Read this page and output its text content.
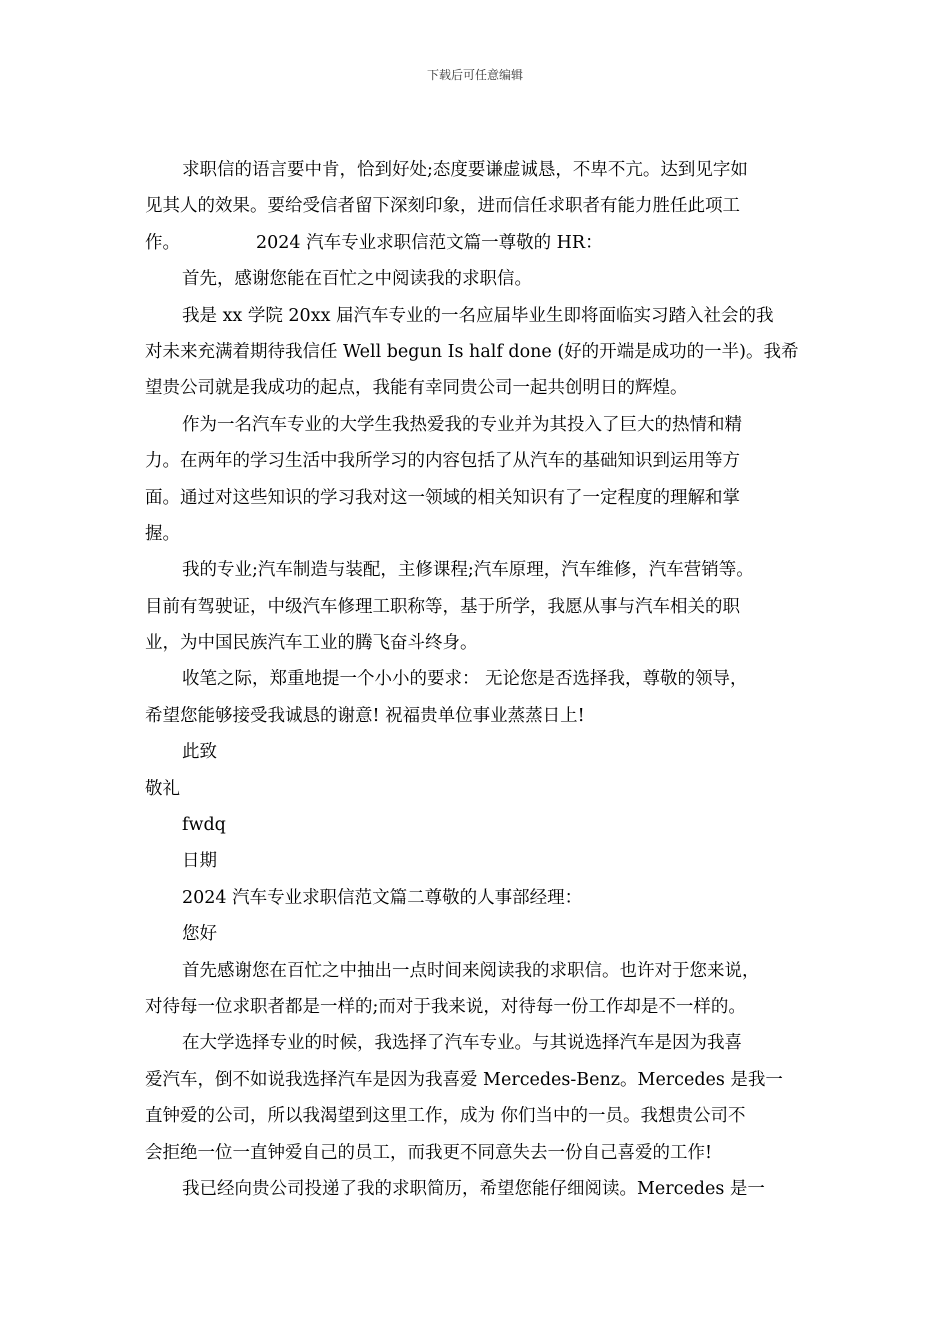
下载后可任意编辑
求职信的语言要中肯，恰到好处;态度要谦虚诚恳，不卑不亢。达到见字如
见其人的效果。要给受信者留下深刻印象，进而信任求职者有能力胜任此项工
作。	2024 汽车专业求职信范文篇一尊敬的 HR：
首先，感谢您能在百忙之中阅读我的求职信。
我是 xx 学院 20xx 届汽车专业的一名应届毕业生即将面临实习踏入社会的我
对未来充满着期待我信任 Well begun Is half done (好的开端是成功的一半)。我希
望贵公司就是我成功的起点，我能有幸同贵公司一起共创明日的辉煌。
作为一名汽车专业的大学生我热爱我的专业并为其投入了巨大的热情和精
力。在两年的学习生活中我所学习的内容包括了从汽车的基础知识到运用等方
面。通过对这些知识的学习我对这一领域的相关知识有了一定程度的理解和掌
握。
我的专业;汽车制造与装配，主修课程;汽车原理，汽车维修，汽车营销等。
目前有驾驶证，中级汽车修理工职称等，基于所学，我愿从事与汽车相关的职
业，为中国民族汽车工业的腾飞奋斗终身。
收笔之际，郑重地提一个小小的要求： 无论您是否选择我，尊敬的领导，
希望您能够接受我诚恳的谢意! 祝福贵单位事业蒸蒸日上!
此致
敬礼
fwdq
日期
2024 汽车专业求职信范文篇二尊敬的人事部经理：
您好
首先感谢您在百忙之中抽出一点时间来阅读我的求职信。也许对于您来说，
对待每一位求职者都是一样的;而对于我来说，对待每一份工作却是不一样的。
在大学选择专业的时候，我选择了汽车专业。与其说选择汽车是因为我喜
爱汽车，倒不如说我选择汽车是因为我喜爱 Mercedes-Benz。Mercedes 是我一
直钟爱的公司，所以我渴望到这里工作，成为 你们当中的一员。我想贵公司不
会拒绝一位一直钟爱自己的员工，而我更不同意失去一份自己喜爱的工作!
我已经向贵公司投递了我的求职简历，希望您能仔细阅读。Mercedes 是一
